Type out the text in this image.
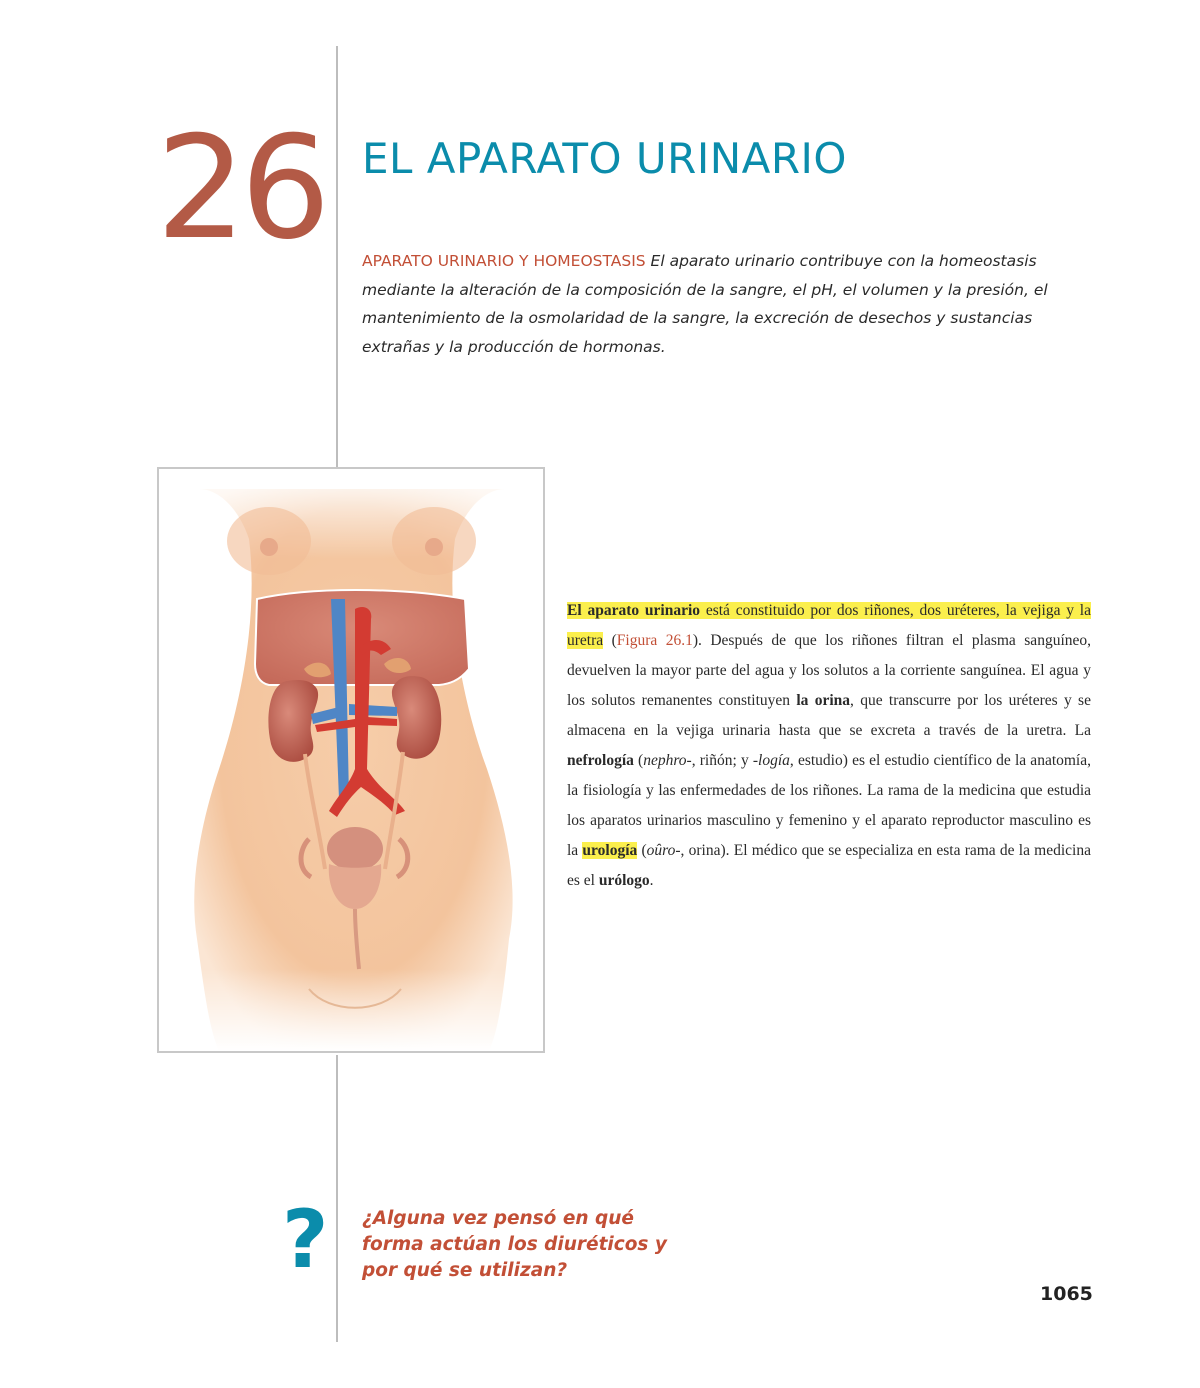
26 EL APARATO URINARIO
APARATO URINARIO Y HOMEOSTASIS El aparato urinario contribuye con la homeostasis mediante la alteración de la composición de la sangre, el pH, el volumen y la presión, el mantenimiento de la osmolaridad de la sangre, la excreción de desechos y sustancias extrañas y la producción de hormonas.
El aparato urinario está constituido por dos riñones, dos uréteres, la vejiga y la uretra (Figura 26.1). Después de que los riñones filtran el plasma sanguíneo, devuelven la mayor parte del agua y los solutos a la corriente sanguínea. El agua y los solutos remanentes constituyen la orina, que transcurre por los uréteres y se almacena en la vejiga urinaria hasta que se excreta a través de la uretra. La nefrología (nephro-, riñón; y -logía, estudio) es el estudio científico de la anatomía, la fisiología y las enfermedades de los riñones. La rama de la medicina que estudia los aparatos urinarios masculino y femenino y el aparato reproductor masculino es la urología (oûro-, orina). El médico que se especializa en esta rama de la medicina es el urólogo.
? ¿Alguna vez pensó en qué forma actúan los diuréticos y por qué se utilizan?
1065
